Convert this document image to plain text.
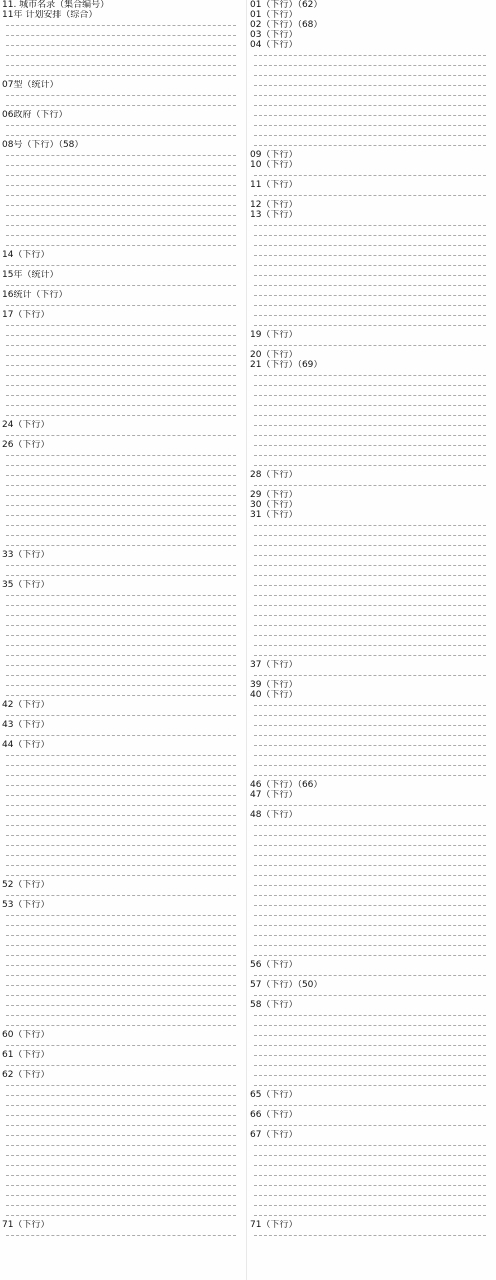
11. 城市名录（集合编号）
11年 计划安排（综合）
07型（统计）
06政府（下行）
08号（下行）（58）
14（下行）
15年（统计）
16统计（下行）
17（下行）
24（下行）
26（下行）
33（下行）
35（下行）
42（下行）
43（下行）
44（下行）
52（下行）
53（下行）
60（下行）
61（下行）
62（下行）
71（下行）
01（下行）（62）
01（下行）
02（下行）（68）
03（下行）
04（下行）
09（下行）
10（下行）
11（下行）
12（下行）
13（下行）
19（下行）
20（下行）
21（下行）（69）
28（下行）
29（下行）
30（下行）
31（下行）
37（下行）
39（下行）
40（下行）
46（下行）（66）
47（下行）
48（下行）
56（下行）
57（下行）（50）
58（下行）
65（下行）
66（下行）
67（下行）
71（下行）
